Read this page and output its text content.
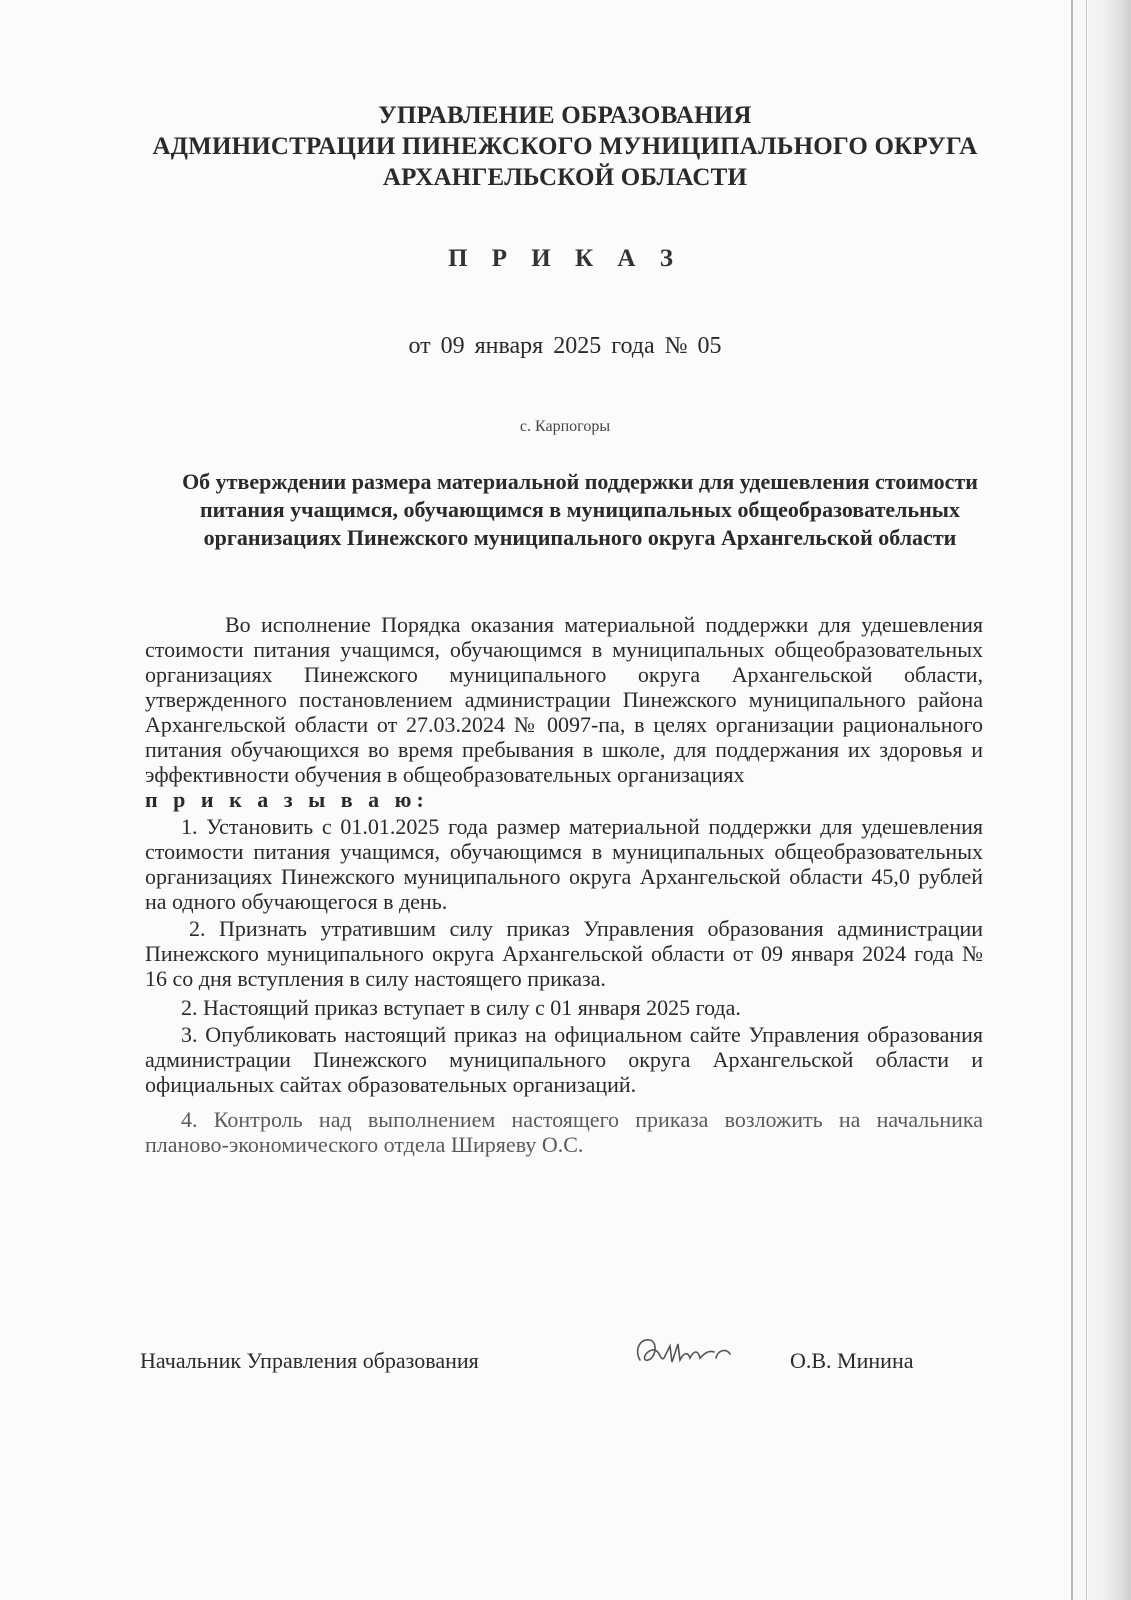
УПРАВЛЕНИЕ ОБРАЗОВАНИЯ
АДМИНИСТРАЦИИ ПИНЕЖСКОГО МУНИЦИПАЛЬНОГО ОКРУГА
АРХАНГЕЛЬСКОЙ ОБЛАСТИ
П Р И К А З
от 09 января 2025 года № 05
с. Карпогоры
Об утверждении размера материальной поддержки для удешевления стоимости питания учащимся, обучающимся в муниципальных общеобразовательных организациях Пинежского муниципального округа Архангельской области

Во исполнение Порядка оказания материальной поддержки для удешевления стоимости питания учащимся, обучающимся в муниципальных общеобразовательных организациях Пинежского муниципального округа Архангельской области, утвержденного постановлением администрации Пинежского муниципального района Архангельской области от 27.03.2024 № 0097-па, в целях организации рационального питания обучающихся во время пребывания в школе, для поддержания их здоровья и эффективности обучения в общеобразовательных организациях

п р и к а з ы в а ю:

1. Установить с 01.01.2025 года размер материальной поддержки для удешевления стоимости питания учащимся, обучающимся в муниципальных общеобразовательных организациях Пинежского муниципального округа Архангельской области 45,0 рублей на одного обучающегося в день.

2. Признать утратившим силу приказ Управления образования администрации Пинежского муниципального округа Архангельской области от 09 января 2024 года № 16 со дня вступления в силу настоящего приказа.

2. Настоящий приказ вступает в силу с 01 января 2025 года.

3. Опубликовать настоящий приказ на официальном сайте Управления образования администрации Пинежского муниципального округа Архангельской области и официальных сайтах образовательных организаций.

4. Контроль над выполнением настоящего приказа возложить на начальника планово-экономического отдела Ширяеву О.С.

Начальник Управления образования	О.В. Минина
